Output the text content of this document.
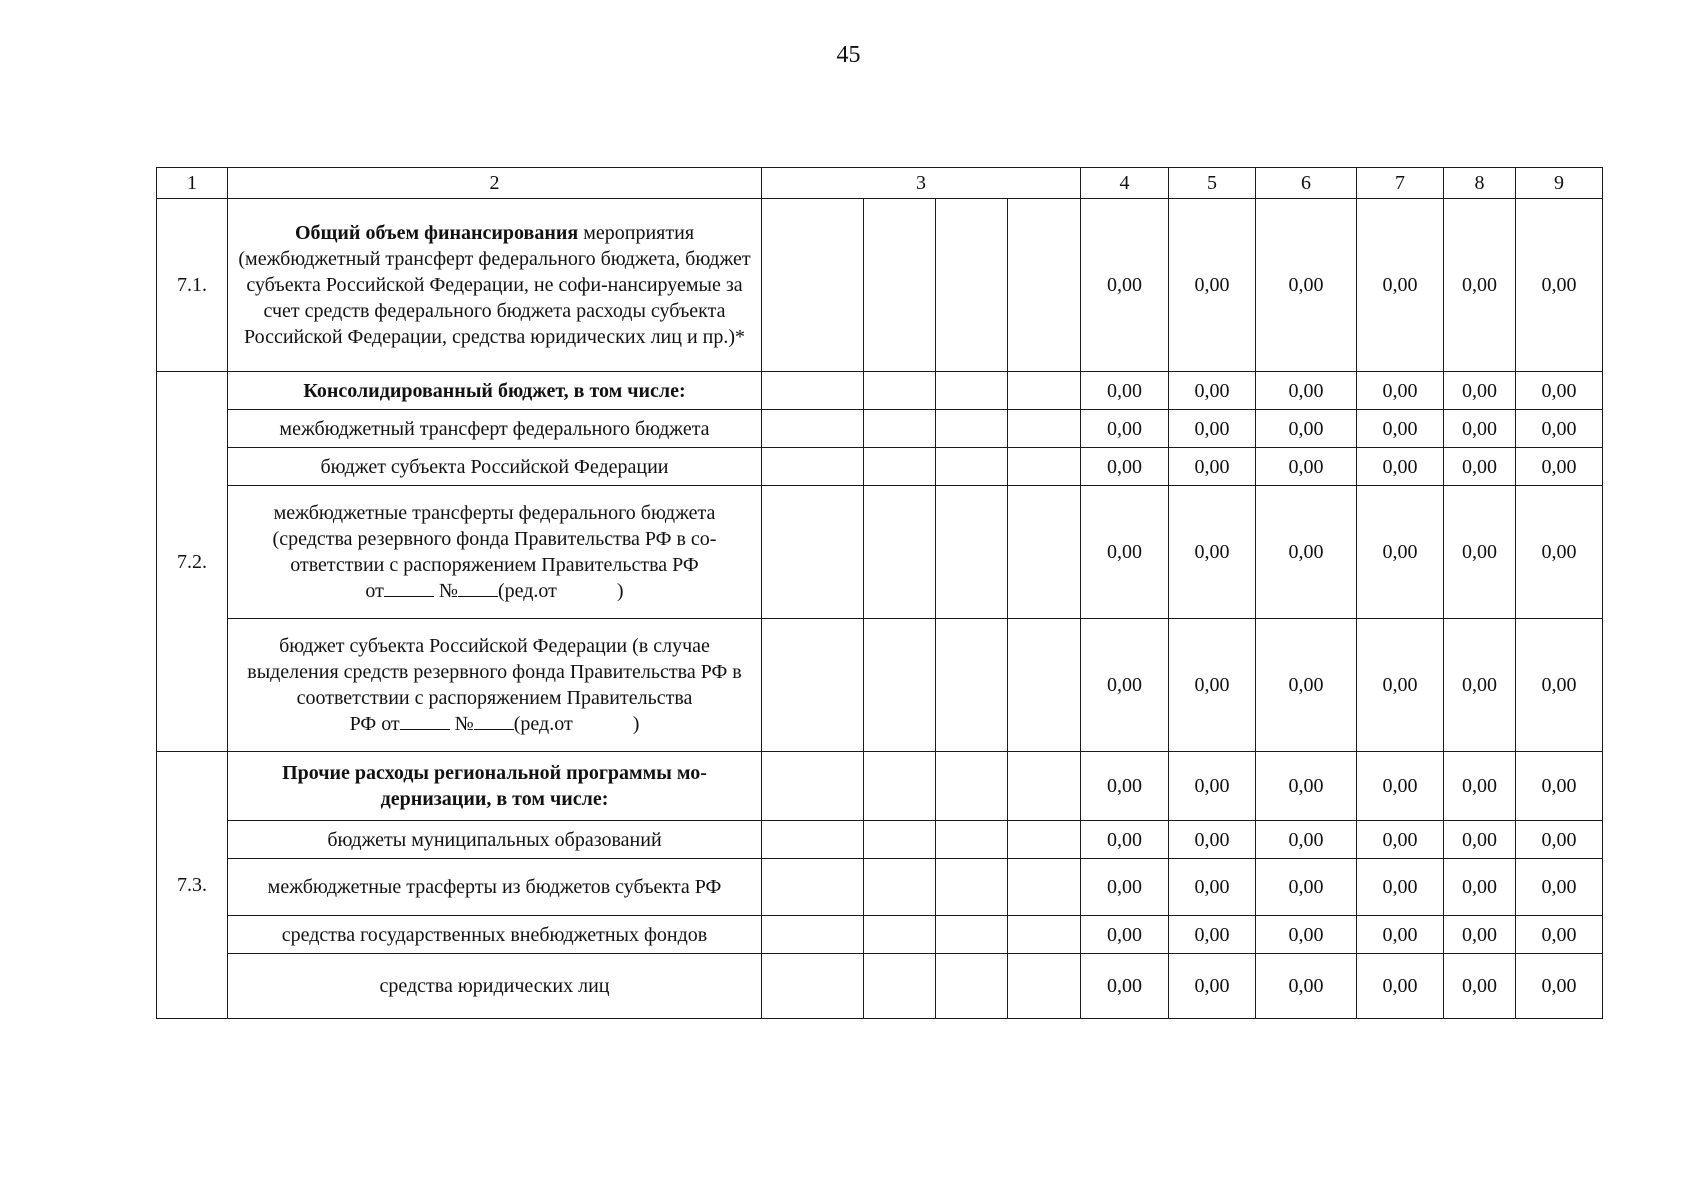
45
1	2	3				4	5	6	7	8	9
7.1.	Общий объем финансирования мероприятия (межбюджетный трансферт федерального бюджета, бюджет субъекта Российской Федерации, не софи-нансируемые за счет средств федерального бюджета расходы субъекта Российской Федерации, средства юридических лиц и пр.)*					0,00	0,00	0,00	0,00	0,00	0,00
7.2.	Консолидированный бюджет, в том числе:					0,00	0,00	0,00	0,00	0,00	0,00
	межбюджетный трансферт федерального бюджета					0,00	0,00	0,00	0,00	0,00	0,00
	бюджет субъекта Российской Федерации					0,00	0,00	0,00	0,00	0,00	0,00
	межбюджетные трансферты федерального бюджета (средства резервного фонда Правительства РФ в со-ответствии с распоряжением Правительства РФ
от № (ред.от )					0,00	0,00	0,00	0,00	0,00	0,00
	бюджет субъекта Российской Федерации (в случае выделения средств резервного фонда Правительства РФ в соответствии с распоряжением Правительства
РФ от № (ред.от )					0,00	0,00	0,00	0,00	0,00	0,00
7.3.	Прочие расходы региональной программы мо-дернизации, в том числе:					0,00	0,00	0,00	0,00	0,00	0,00
	бюджеты муниципальных образований					0,00	0,00	0,00	0,00	0,00	0,00
	межбюджетные трасферты из бюджетов субъекта РФ					0,00	0,00	0,00	0,00	0,00	0,00
	средства государственных внебюджетных фондов					0,00	0,00	0,00	0,00	0,00	0,00
	средства юридических лиц					0,00	0,00	0,00	0,00	0,00	0,00
